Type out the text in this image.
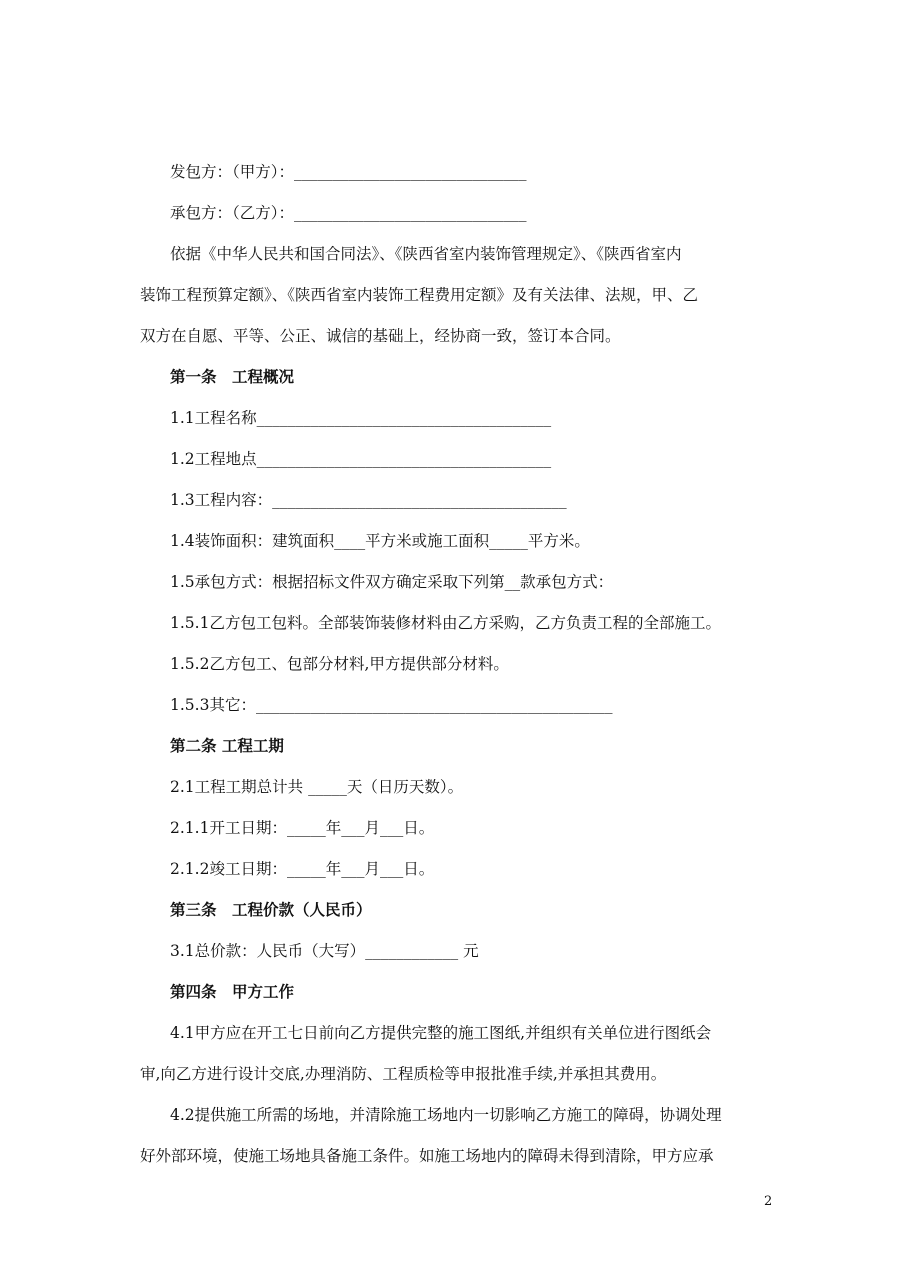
发包方：（甲方）：______________________________
承包方：（乙方）：______________________________
依据《中华人民共和国合同法》、《陕西省室内装饰管理规定》、《陕西省室内
装饰工程预算定额》、《陕西省室内装饰工程费用定额》及有关法律、法规，甲、乙
双方在自愿、平等、公正、诚信的基础上，经协商一致，签订本合同。
第一条　工程概况
1.1工程名称______________________________________
1.2工程地点______________________________________
1.3工程内容：______________________________________
1.4装饰面积：建筑面积____平方米或施工面积_____平方米。
1.5承包方式：根据招标文件双方确定采取下列第__款承包方式：
1.5.1乙方包工包料。全部装饰装修材料由乙方采购，乙方负责工程的全部施工。
1.5.2乙方包工、包部分材料,甲方提供部分材料。
1.5.3其它：______________________________________________
第二条 工程工期
2.1工程工期总计共 _____天（日历天数）。
2.1.1开工日期：_____年___月___日。
2.1.2竣工日期：_____年___月___日。
第三条　工程价款（人民币）
3.1总价款：人民币（大写）____________ 元
第四条　甲方工作
4.1甲方应在开工七日前向乙方提供完整的施工图纸,并组织有关单位进行图纸会
审,向乙方进行设计交底,办理消防、工程质检等申报批准手续,并承担其费用。
4.2提供施工所需的场地，并清除施工场地内一切影响乙方施工的障碍，协调处理
好外部环境，使施工场地具备施工条件。如施工场地内的障碍未得到清除，甲方应承
2
